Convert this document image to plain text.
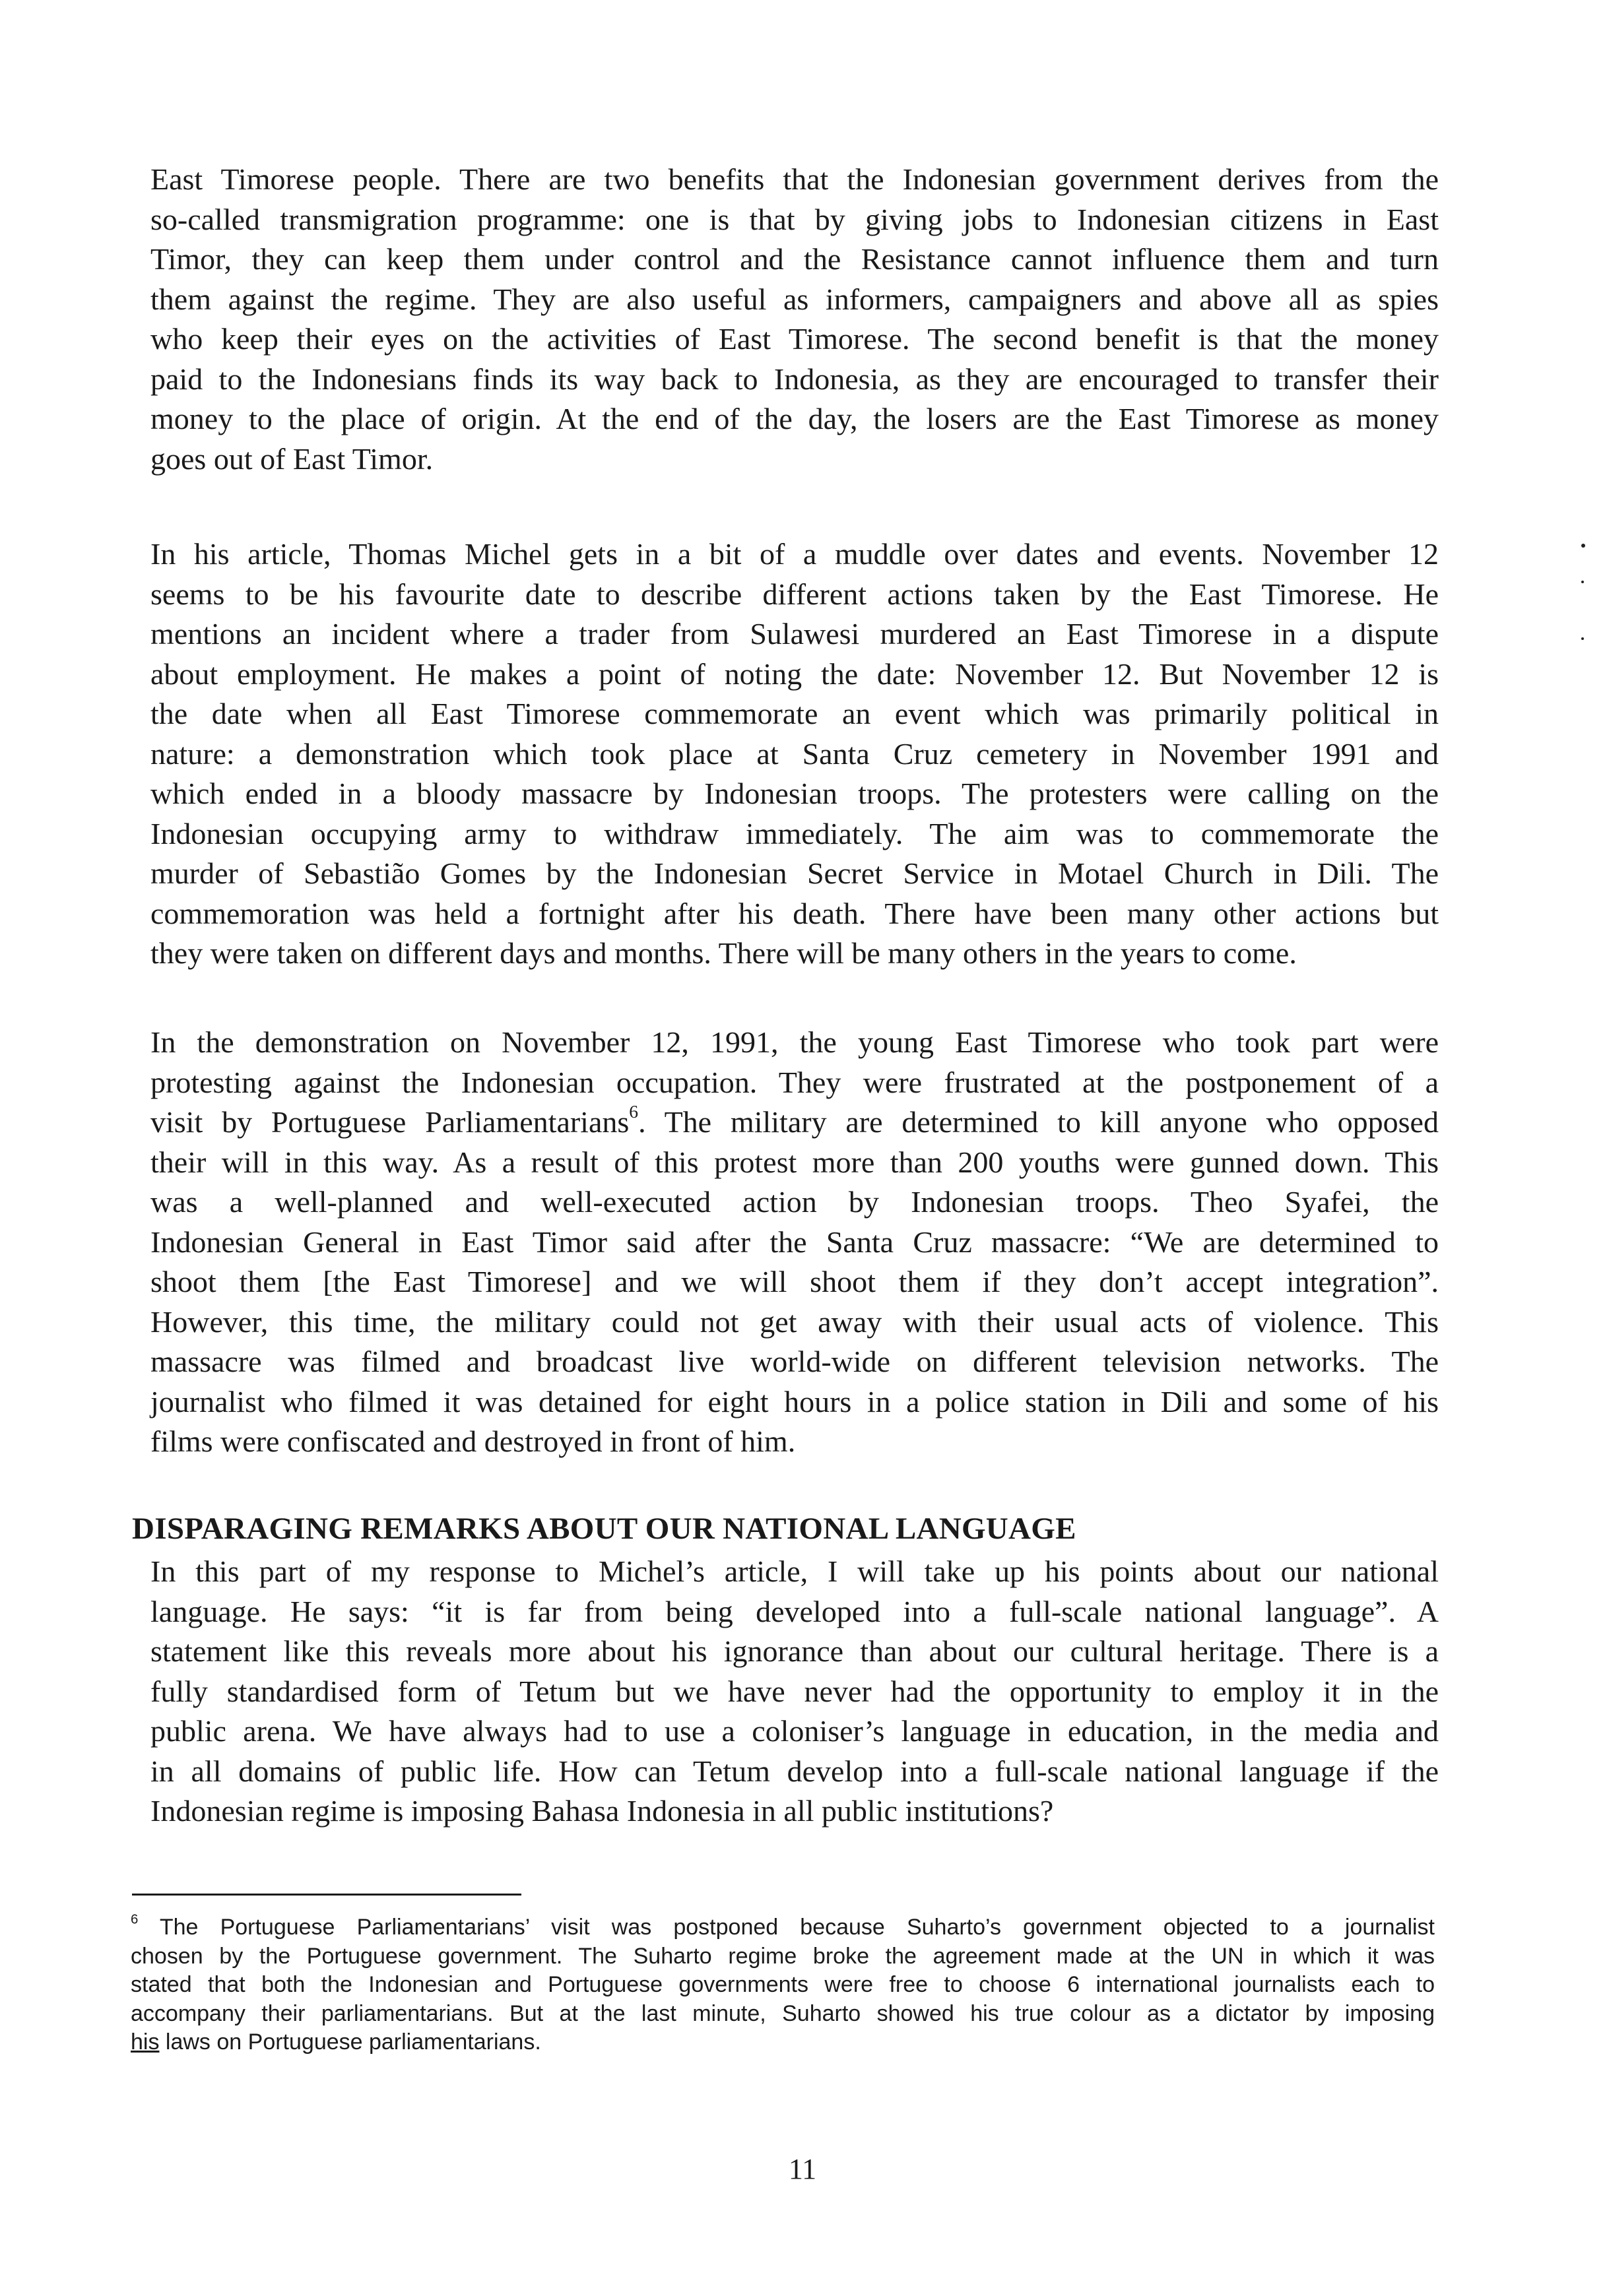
East Timorese people. There are two benefits that the Indonesian government derives from the
so-called transmigration programme: one is that by giving jobs to Indonesian citizens in East
Timor, they can keep them under control and the Resistance cannot influence them and turn
them against the regime. They are also useful as informers, campaigners and above all as spies
who keep their eyes on the activities of East Timorese. The second benefit is that the money
paid to the Indonesians finds its way back to Indonesia, as they are encouraged to transfer their
money to the place of origin. At the end of the day, the losers are the East Timorese as money
goes out of East Timor.

In his article, Thomas Michel gets in a bit of a muddle over dates and events. November 12
seems to be his favourite date to describe different actions taken by the East Timorese. He
mentions an incident where a trader from Sulawesi murdered an East Timorese in a dispute
about employment. He makes a point of noting the date: November 12. But November 12 is
the date when all East Timorese commemorate an event which was primarily political in
nature: a demonstration which took place at Santa Cruz cemetery in November 1991 and
which ended in a bloody massacre by Indonesian troops. The protesters were calling on the
Indonesian occupying army to withdraw immediately. The aim was to commemorate the
murder of Sebastião Gomes by the Indonesian Secret Service in Motael Church in Dili. The
commemoration was held a fortnight after his death. There have been many other actions but
they were taken on different days and months. There will be many others in the years to come.

In the demonstration on November 12, 1991, the young East Timorese who took part were
protesting against the Indonesian occupation. They were frustrated at the postponement of a
visit by Portuguese Parliamentarians$^6$. The military are determined to kill anyone who opposed
their will in this way. As a result of this protest more than 200 youths were gunned down. This
was a well-planned and well-executed action by Indonesian troops. Theo Syafei, the
Indonesian General in East Timor said after the Santa Cruz massacre: “We are determined to
shoot them [the East Timorese] and we will shoot them if they don’t accept integration”.
However, this time, the military could not get away with their usual acts of violence. This
massacre was filmed and broadcast live world-wide on different television networks. The
journalist who filmed it was detained for eight hours in a police station in Dili and some of his
films were confiscated and destroyed in front of him.

DISPARAGING REMARKS ABOUT OUR NATIONAL LANGUAGE

In this part of my response to Michel’s article, I will take up his points about our national
language. He says: “it is far from being developed into a full-scale national language”. A
statement like this reveals more about his ignorance than about our cultural heritage. There is a
fully standardised form of Tetum but we have never had the opportunity to employ it in the
public arena. We have always had to use a coloniser’s language in education, in the media and
in all domains of public life. How can Tetum develop into a full-scale national language if the
Indonesian regime is imposing Bahasa Indonesia in all public institutions?

$^6$ The Portuguese Parliamentarians’ visit was postponed because Suharto’s government objected to a journalist
chosen by the Portuguese government. The Suharto regime broke the agreement made at the UN in which it was
stated that both the Indonesian and Portuguese governments were free to choose 6 international journalists each to
accompany their parliamentarians. But at the last minute, Suharto showed his true colour as a dictator by imposing
his laws on Portuguese parliamentarians.

11
